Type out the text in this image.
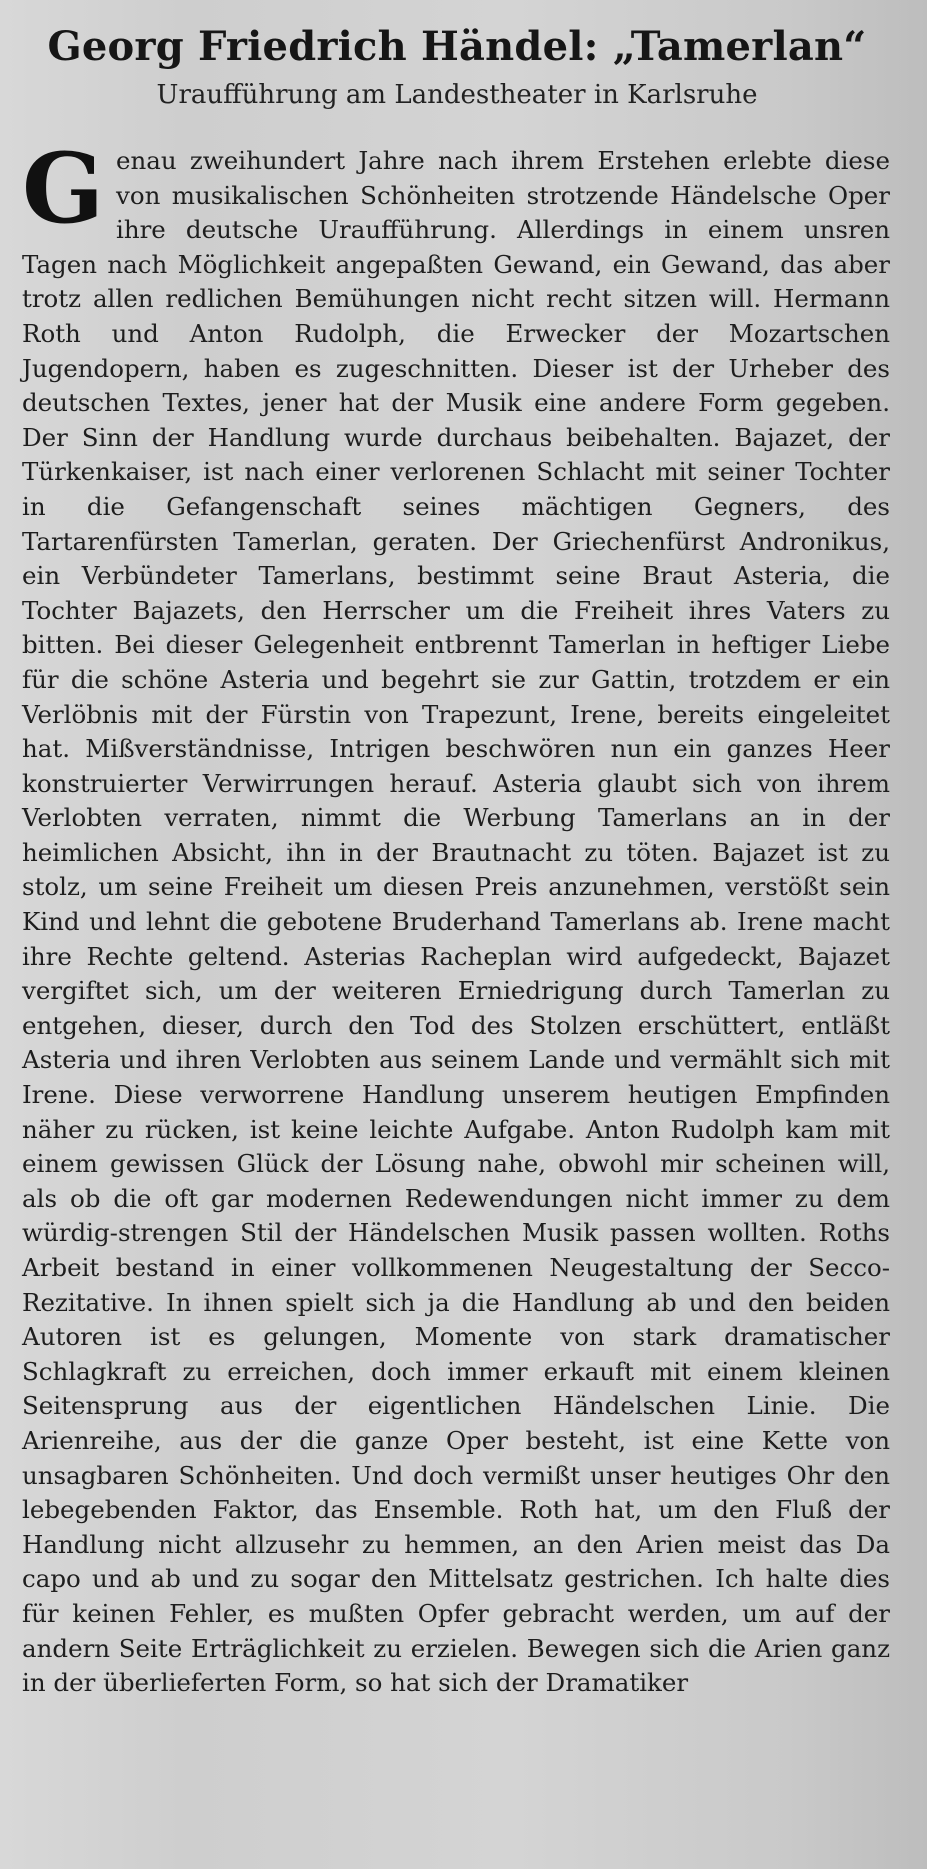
Georg Friedrich Händel: „Tamerlan“
Uraufführung am Landestheater in Karlsruhe
G enau zweihundert Jahre nach ihrem Erstehen erlebte diese von musikalischen Schönheiten strotzende Händelsche Oper ihre deutsche Uraufführung. Allerdings in einem unsren Tagen nach Möglichkeit angepaßten Gewand, ein Gewand, das aber trotz allen redlichen Bemühungen nicht recht sitzen will. Hermann Roth und Anton Rudolph, die Erwecker der Mozartschen Jugendopern, haben es zugeschnitten. Dieser ist der Urheber des deutschen Textes, jener hat der Musik eine andere Form gegeben. Der Sinn der Handlung wurde durchaus beibehalten. Bajazet, der Türkenkaiser, ist nach einer verlorenen Schlacht mit seiner Tochter in die Gefangenschaft seines mächtigen Gegners, des Tartarenfürsten Tamerlan, geraten. Der Griechenfürst Andronikus, ein Verbündeter Tamerlans, bestimmt seine Braut Asteria, die Tochter Bajazets, den Herrscher um die Freiheit ihres Vaters zu bitten. Bei dieser Gelegenheit entbrennt Tamerlan in heftiger Liebe für die schöne Asteria und begehrt sie zur Gattin, trotzdem er ein Verlöbnis mit der Fürstin von Trapezunt, Irene, bereits eingeleitet hat. Mißverständnisse, Intrigen beschwören nun ein ganzes Heer konstruierter Verwirrungen herauf. Asteria glaubt sich von ihrem Verlobten verraten, nimmt die Werbung Tamerlans an in der heimlichen Absicht, ihn in der Brautnacht zu töten. Bajazet ist zu stolz, um seine Freiheit um diesen Preis anzunehmen, verstößt sein Kind und lehnt die gebotene Bruderhand Tamerlans ab. Irene macht ihre Rechte geltend. Asterias Racheplan wird aufgedeckt, Bajazet vergiftet sich, um der weiteren Erniedrigung durch Tamerlan zu entgehen, dieser, durch den Tod des Stolzen erschüttert, entläßt Asteria und ihren Verlobten aus seinem Lande und vermählt sich mit Irene. Diese verworrene Handlung unserem heutigen Empfinden näher zu rücken, ist keine leichte Aufgabe. Anton Rudolph kam mit einem gewissen Glück der Lösung nahe, obwohl mir scheinen will, als ob die oft gar modernen Redewendungen nicht immer zu dem würdig-strengen Stil der Händelschen Musik passen wollten. Roths Arbeit bestand in einer vollkommenen Neugestaltung der Secco-Rezitative. In ihnen spielt sich ja die Handlung ab und den beiden Autoren ist es gelungen, Momente von stark dramatischer Schlagkraft zu erreichen, doch immer erkauft mit einem kleinen Seitensprung aus der eigentlichen Händelschen Linie. Die Arienreihe, aus der die ganze Oper besteht, ist eine Kette von unsagbaren Schönheiten. Und doch vermißt unser heutiges Ohr den lebegebenden Faktor, das Ensemble. Roth hat, um den Fluß der Handlung nicht allzusehr zu hemmen, an den Arien meist das Da capo und ab und zu sogar den Mittelsatz gestrichen. Ich halte dies für keinen Fehler, es mußten Opfer gebracht werden, um auf der andern Seite Erträglichkeit zu erzielen. Bewegen sich die Arien ganz in der überlieferten Form, so hat sich der Dramatiker
